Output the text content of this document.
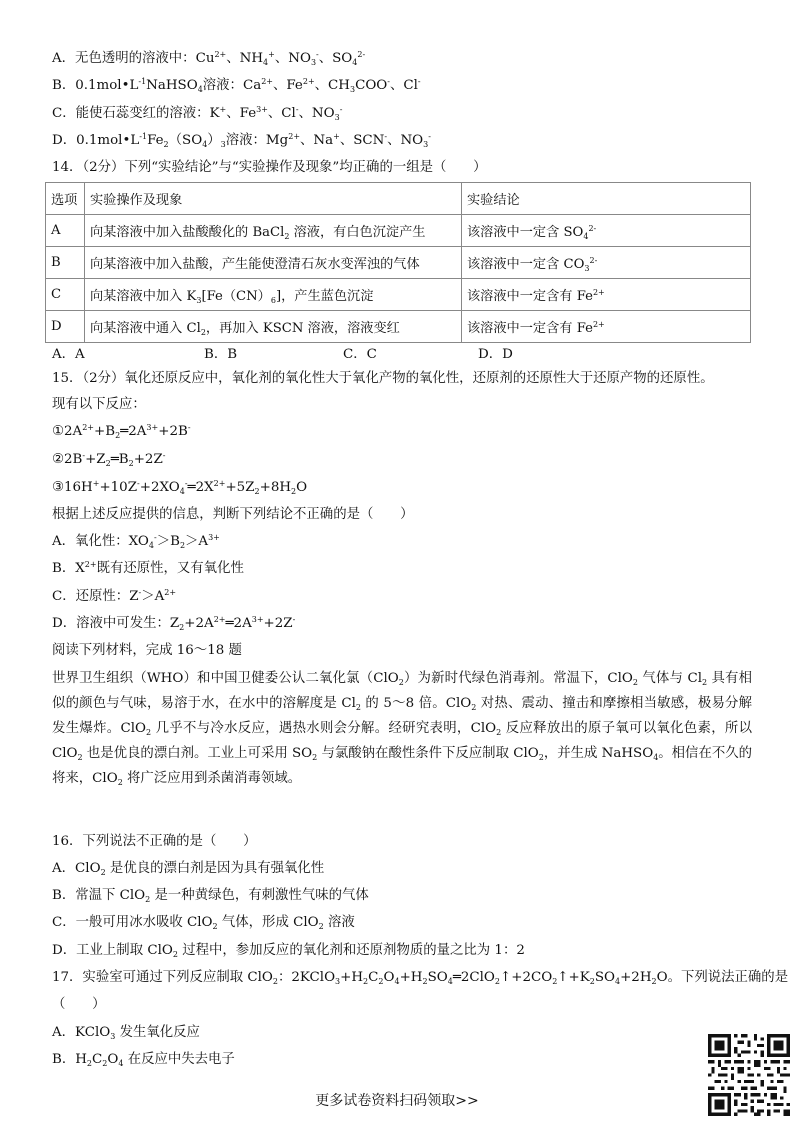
A．无色透明的溶液中：$Cu^{2+}$、$NH_4^+$、$NO_3^-$、$SO_4^{2-}$
B．$0.1mol•L^{-1}NaHSO_4$溶液：$Ca^{2+}$、$Fe^{2+}$、$CH_3COO^-$、Cl-
C．能使石蕊变红的溶液：K+、$Fe^{3+}$、Cl-、$NO_3^-$
D．$0.1mol•L^{-1}Fe_2(SO_4)_3$溶液：$Mg^{2+}$、Na+、SCN-、$NO_3^-$
14．（2分）下列“实验结论”与“实验操作及现象”均正确的一组是（　　）
选项	实验操作及现象	实验结论
A	向某溶液中加入盐酸酸化的 BaCl$_2$ 溶液，有白色沉淀产生	该溶液中一定含 $SO_4^{2-}$
B	向某溶液中加入盐酸，产生能使澄清石灰水变浑浊的气体	该溶液中一定含 $CO_3^{2-}$
C	向某溶液中加入 $K_3[Fe(CN)_6]$，产生蓝色沉淀	该溶液中一定含有 $Fe^{2+}$
D	向某溶液中通入 $Cl_2$，再加入 KSCN 溶液，溶液变红	该溶液中一定含有 $Fe^{2+}$
A．A	B．B	C．C	D．D
15．（2分）氧化还原反应中，氧化剂的氧化性大于氧化产物的氧化性，还原剂的还原性大于还原产物的还原性。
现有以下反应：
$①2A^{2+}+B_2═2A^{3+}+2B^-$
$②2B^-+Z_2═B_2+2Z^-$
$③16H^++10Z^-+2XO_4^-═2X^{2+}+5Z_2+8H_2O$
根据上述反应提供的信息，判断下列结论不正确的是（　　）
A．氧化性：$XO_4^->B_2>A^{3+}$
B．$X^{2+}$既有还原性，又有氧化性
C．还原性：$Z^->A^{2+}$
D．溶液中可发生：$Z_2+2A^{2+}═2A^{3+}+2Z^-$
阅读下列材料，完成 16～18 题
世界卫生组织（WHO）和中国卫健委公认二氧化氯（ClO$_2$）为新时代绿色消毒剂。常温下，ClO$_2$ 气体与 $Cl_2$ 具有相似的颜色与气味，易溶于水，在水中的溶解度是 $Cl_2$ 的 5～8 倍。ClO$_2$ 对热、震动、撞击和摩擦相当敏感，极易分解发生爆炸。ClO$_2$ 几乎不与冷水反应，遇热水则会分解。经研究表明，ClO$_2$ 反应释放出的原子氧可以氧化色素，所以 ClO$_2$ 也是优良的漂白剂。工业上可采用 $SO_2$ 与氯酸钠在酸性条件下反应制取 ClO$_2$，并生成 NaHSO$_4$。相信在不久的将来，ClO$_2$ 将广泛应用到杀菌消毒领域。
16．下列说法不正确的是（　　）
A．ClO$_2$ 是优良的漂白剂是因为具有强氧化性
B．常温下 ClO$_2$ 是一种黄绿色，有刺激性气味的气体
C．一般可用冰水吸收 ClO$_2$ 气体，形成 ClO$_2$ 溶液
D．工业上制取 ClO$_2$ 过程中，参加反应的氧化剂和还原剂物质的量之比为 1：2
17．实验室可通过下列反应制取 ClO$_2$：$2KClO_3+H_2C_2O_4+H_2SO_4═2ClO_2↑+2CO_2↑+K_2SO_4+2H_2O$。下列说法正确的是
（　　）
A．KClO$_3$ 发生氧化反应
B．$H_2C_2O_4$ 在反应中失去电子
更多试卷资料扫码领取>>
